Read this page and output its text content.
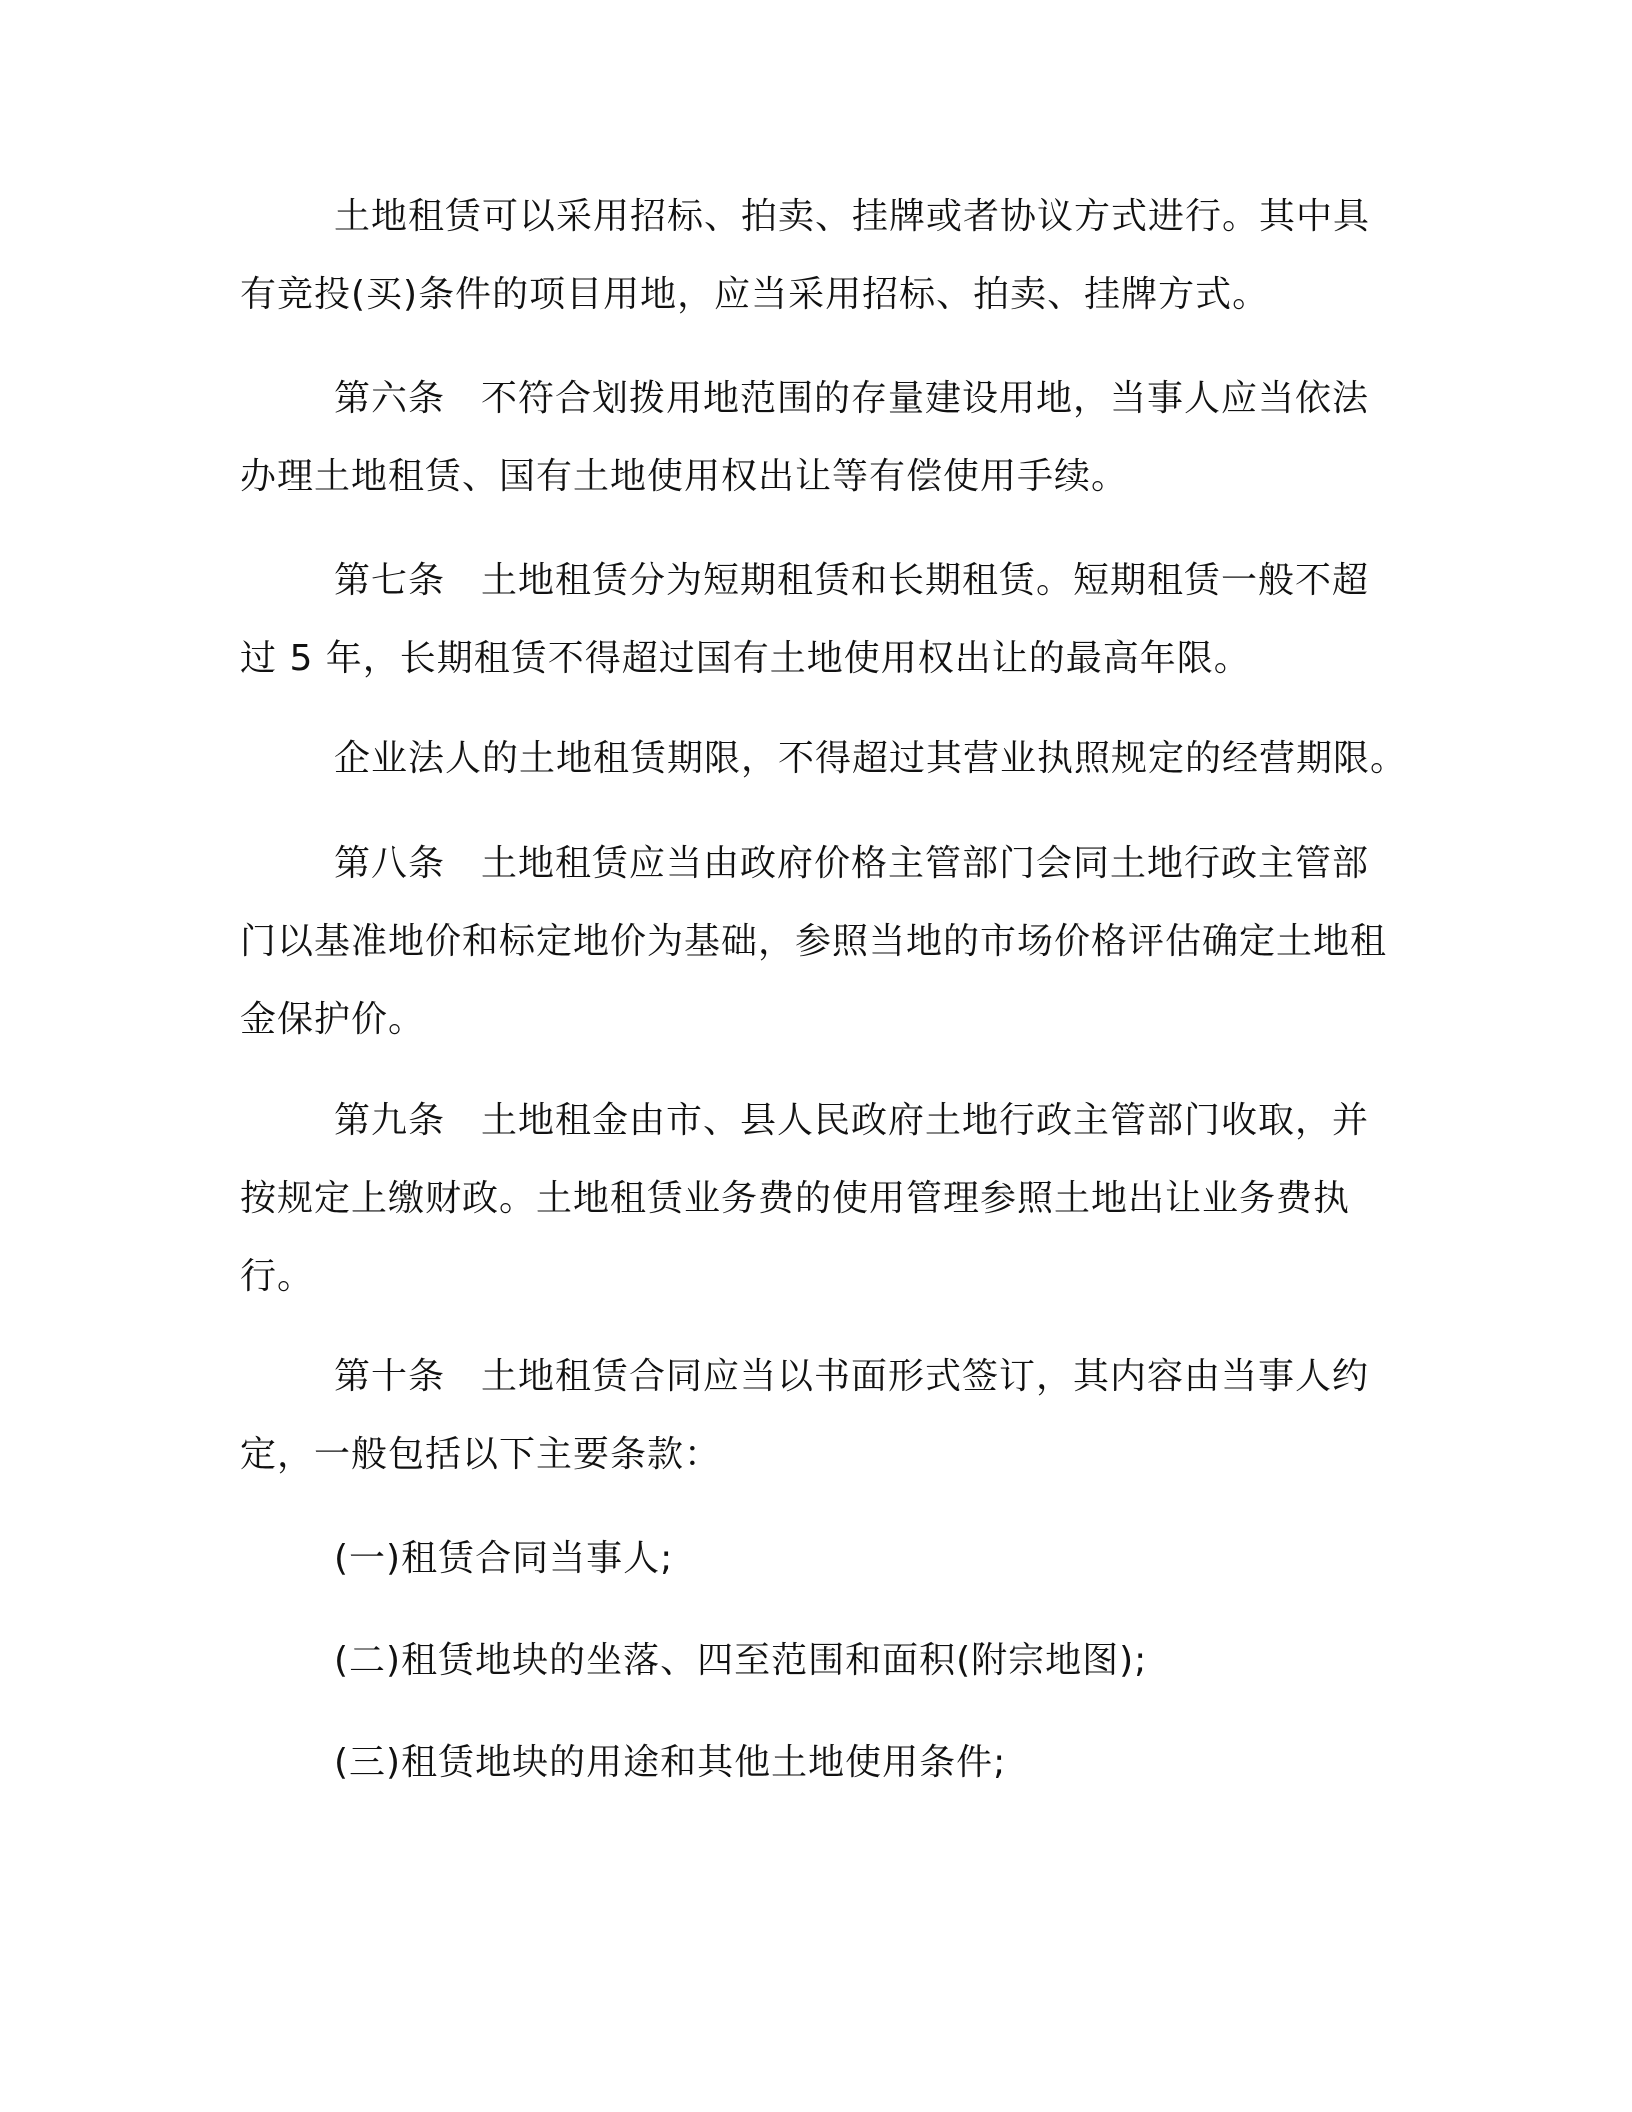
土地租赁可以采用招标、拍卖、挂牌或者协议方式进行。其中具有竞投(买)条件的项目用地，应当采用招标、拍卖、挂牌方式。

第六条 不符合划拨用地范围的存量建设用地，当事人应当依法办理土地租赁、国有土地使用权出让等有偿使用手续。

第七条 土地租赁分为短期租赁和长期租赁。短期租赁一般不超过 5 年，长期租赁不得超过国有土地使用权出让的最高年限。

企业法人的土地租赁期限，不得超过其营业执照规定的经营期限。

第八条 土地租赁应当由政府价格主管部门会同土地行政主管部门以基准地价和标定地价为基础，参照当地的市场价格评估确定土地租金保护价。

第九条 土地租金由市、县人民政府土地行政主管部门收取，并按规定上缴财政。土地租赁业务费的使用管理参照土地出让业务费执行。

第十条 土地租赁合同应当以书面形式签订，其内容由当事人约定，一般包括以下主要条款：

(一)租赁合同当事人;

(二)租赁地块的坐落、四至范围和面积(附宗地图);

(三)租赁地块的用途和其他土地使用条件;
